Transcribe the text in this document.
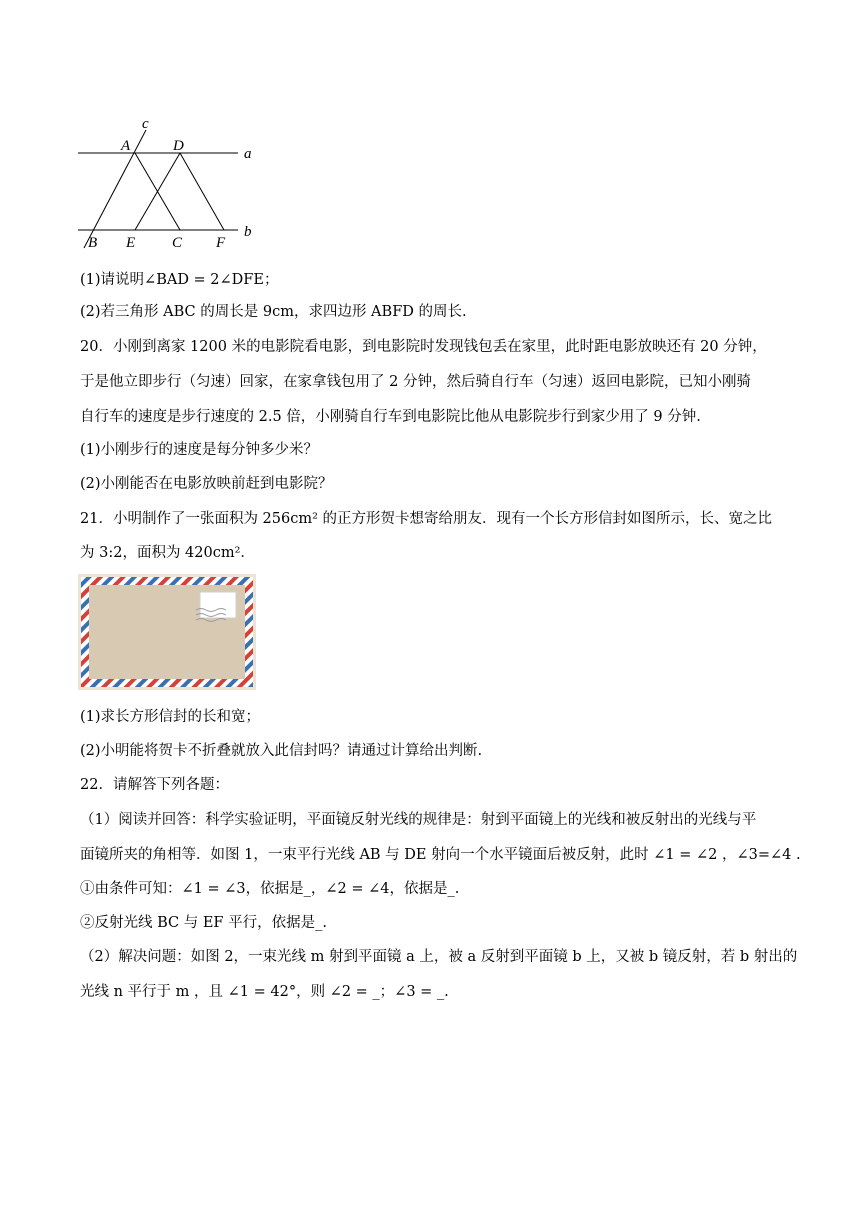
c
A	D	a
B E C F
b
(1)请说明∠BAD = 2∠DFE；
(2)若三角形 ABC 的周长是 9cm，求四边形 ABFD 的周长.
20．小刚到离家 1200 米的电影院看电影，到电影院时发现钱包丢在家里，此时距电影放映还有 20 分钟，
于是他立即步行（匀速）回家，在家拿钱包用了 2 分钟，然后骑自行车（匀速）返回电影院，已知小刚骑
自行车的速度是步行速度的 2.5 倍，小刚骑自行车到电影院比他从电影院步行到家少用了 9 分钟.
(1)小刚步行的速度是每分钟多少米？
(2)小刚能否在电影放映前赶到电影院？
21．小明制作了一张面积为 256cm² 的正方形贺卡想寄给朋友．现有一个长方形信封如图所示，长、宽之比
为 3:2，面积为 420cm²．
(1)求长方形信封的长和宽；
(2)小明能将贺卡不折叠就放入此信封吗？请通过计算给出判断.
22．请解答下列各题：
（1）阅读并回答：科学实验证明，平面镜反射光线的规律是：射到平面镜上的光线和被反射出的光线与平
面镜所夹的角相等．如图 1，一束平行光线 AB 与 DE 射向一个水平镜面后被反射，此时 ∠1 = ∠2 ，∠3=∠4 .
①由条件可知：∠1 = ∠3，依据是_，∠2 = ∠4，依据是_.
②反射光线 BC 与 EF 平行，依据是_.
（2）解决问题：如图 2，一束光线 m 射到平面镜 a 上，被 a 反射到平面镜 b 上，又被 b 镜反射，若 b 射出的
光线 n 平行于 m ，且 ∠1 = 42°，则 ∠2 = _；∠3 = _.
